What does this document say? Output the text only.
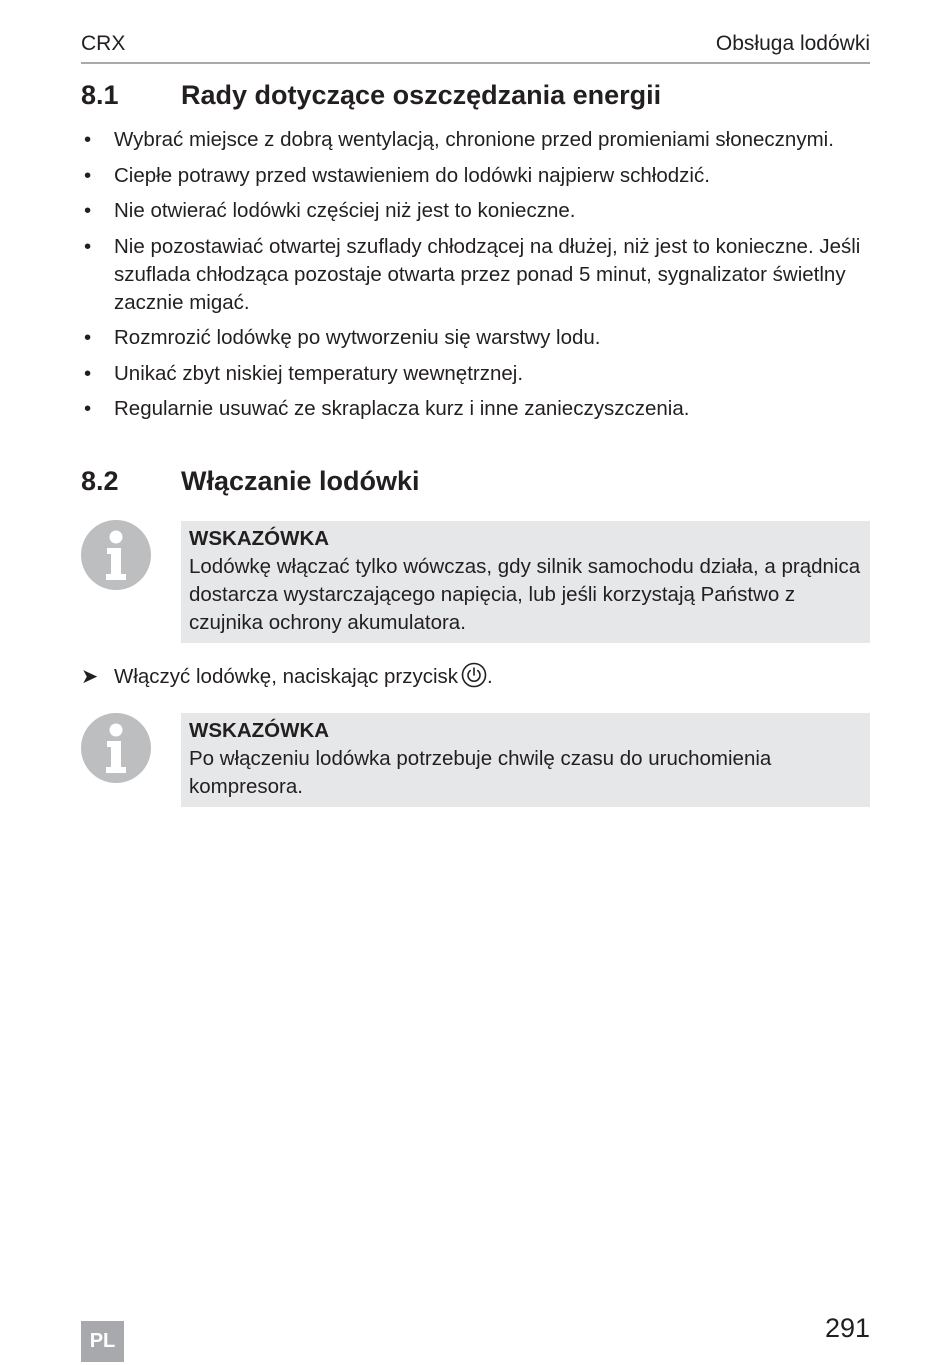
CRX	Obsługa lodówki
8.1 Rady dotyczące oszczędzania energii
• Wybrać miejsce z dobrą wentylacją, chronione przed promieniami słonecznymi.
• Ciepłe potrawy przed wstawieniem do lodówki najpierw schłodzić.
• Nie otwierać lodówki częściej niż jest to konieczne.
• Nie pozostawiać otwartej szuflady chłodzącej na dłużej, niż jest to konieczne. Jeśli szuflada chłodząca pozostaje otwarta przez ponad 5 minut, sygnalizator świetlny zacznie migać.
• Rozmrozić lodówkę po wytworzeniu się warstwy lodu.
• Unikać zbyt niskiej temperatury wewnętrznej.
• Regularnie usuwać ze skraplacza kurz i inne zanieczyszczenia.
8.2 Włączanie lodówki
WSKAZÓWKA
Lodówkę włączać tylko wówczas, gdy silnik samochodu działa, a prądnica dostarcza wystarczającego napięcia, lub jeśli korzystają Państwo z czujnika ochrony akumulatora.
➤ Włączyć lodówkę, naciskając przycisk .
WSKAZÓWKA
Po włączeniu lodówka potrzebuje chwilę czasu do uruchomienia kompresora.
PL	291
